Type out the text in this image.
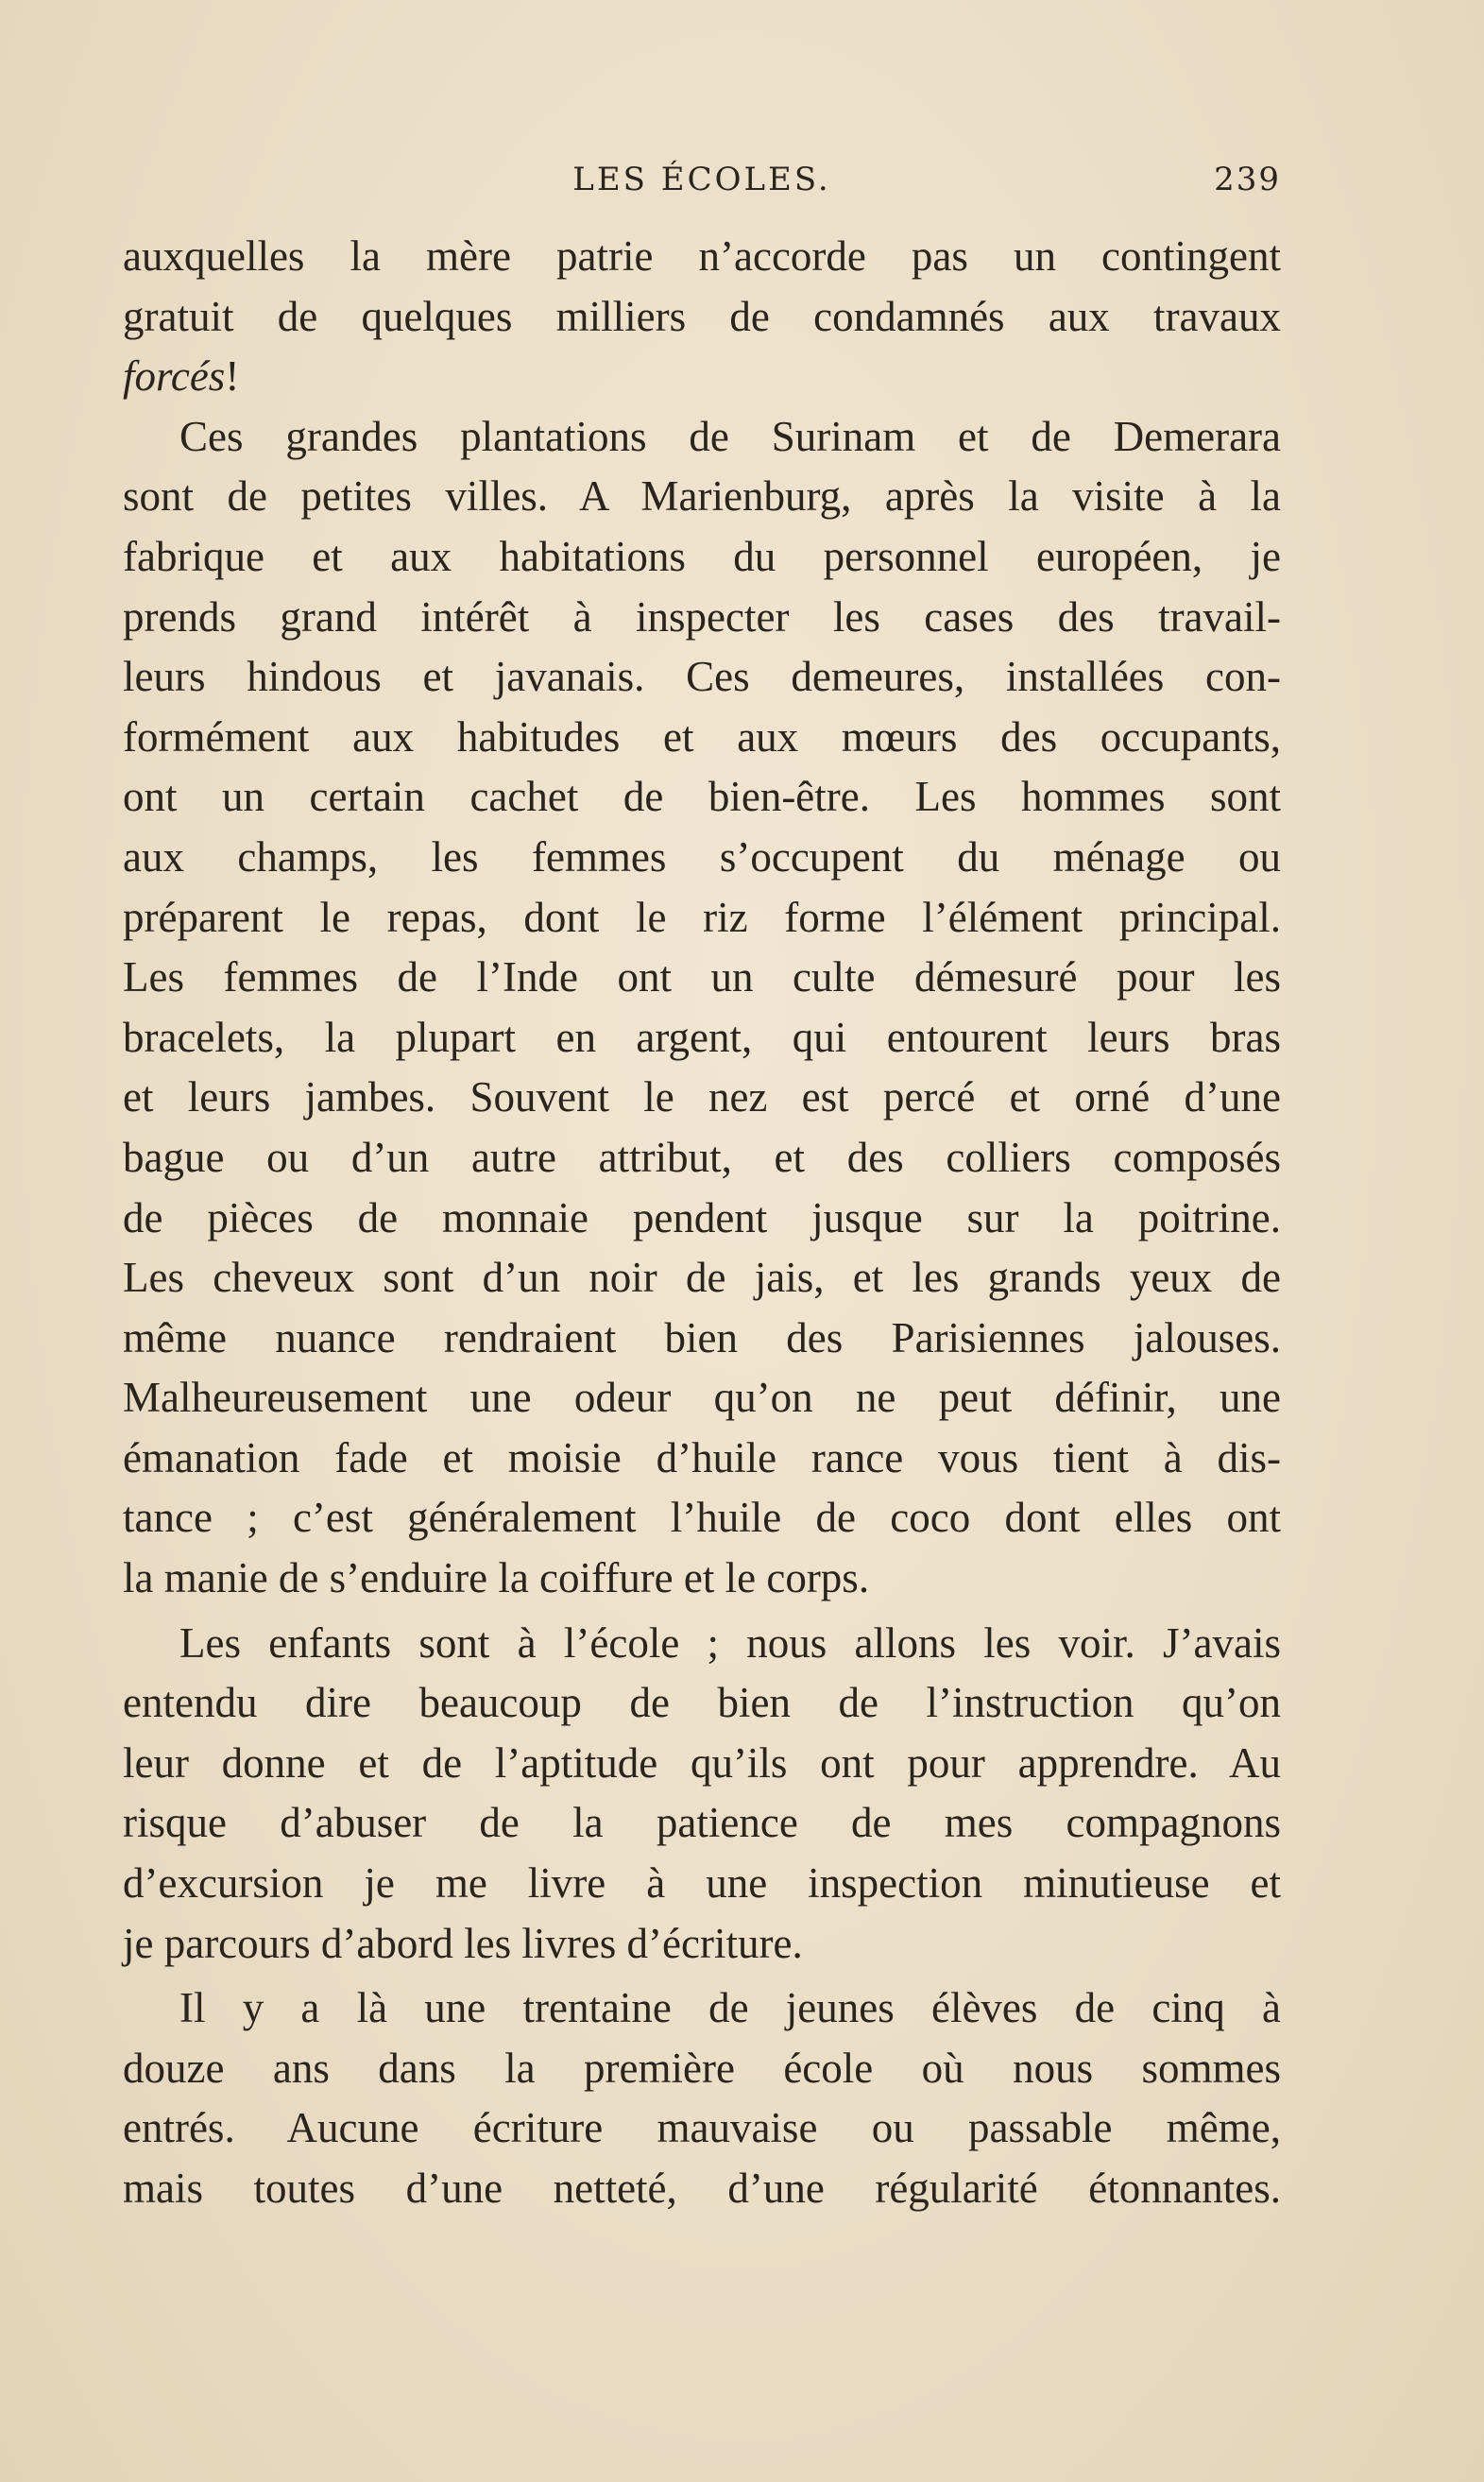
LES ÉCOLES.	239
auxquelles la mère patrie n’accorde pas un contingent
gratuit de quelques milliers de condamnés aux travaux
forcés!
Ces grandes plantations de Surinam et de Demerara
sont de petites villes. A Marienburg, après la visite à la
fabrique et aux habitations du personnel européen, je
prends grand intérêt à inspecter les cases des travail-
leurs hindous et javanais. Ces demeures, installées con-
formément aux habitudes et aux mœurs des occupants,
ont un certain cachet de bien-être. Les hommes sont
aux champs, les femmes s’occupent du ménage ou
préparent le repas, dont le riz forme l’élément principal.
Les femmes de l’Inde ont un culte démesuré pour les
bracelets, la plupart en argent, qui entourent leurs bras
et leurs jambes. Souvent le nez est percé et orné d’une
bague ou d’un autre attribut, et des colliers composés
de pièces de monnaie pendent jusque sur la poitrine.
Les cheveux sont d’un noir de jais, et les grands yeux de
même nuance rendraient bien des Parisiennes jalouses.
Malheureusement une odeur qu’on ne peut définir, une
émanation fade et moisie d’huile rance vous tient à dis-
tance ; c’est généralement l’huile de coco dont elles ont
la manie de s’enduire la coiffure et le corps.
Les enfants sont à l’école ; nous allons les voir. J’avais
entendu dire beaucoup de bien de l’instruction qu’on
leur donne et de l’aptitude qu’ils ont pour apprendre. Au
risque d’abuser de la patience de mes compagnons
d’excursion je me livre à une inspection minutieuse et
je parcours d’abord les livres d’écriture.
Il y a là une trentaine de jeunes élèves de cinq à
douze ans dans la première école où nous sommes
entrés. Aucune écriture mauvaise ou passable même,
mais toutes d’une netteté, d’une régularité étonnantes.
